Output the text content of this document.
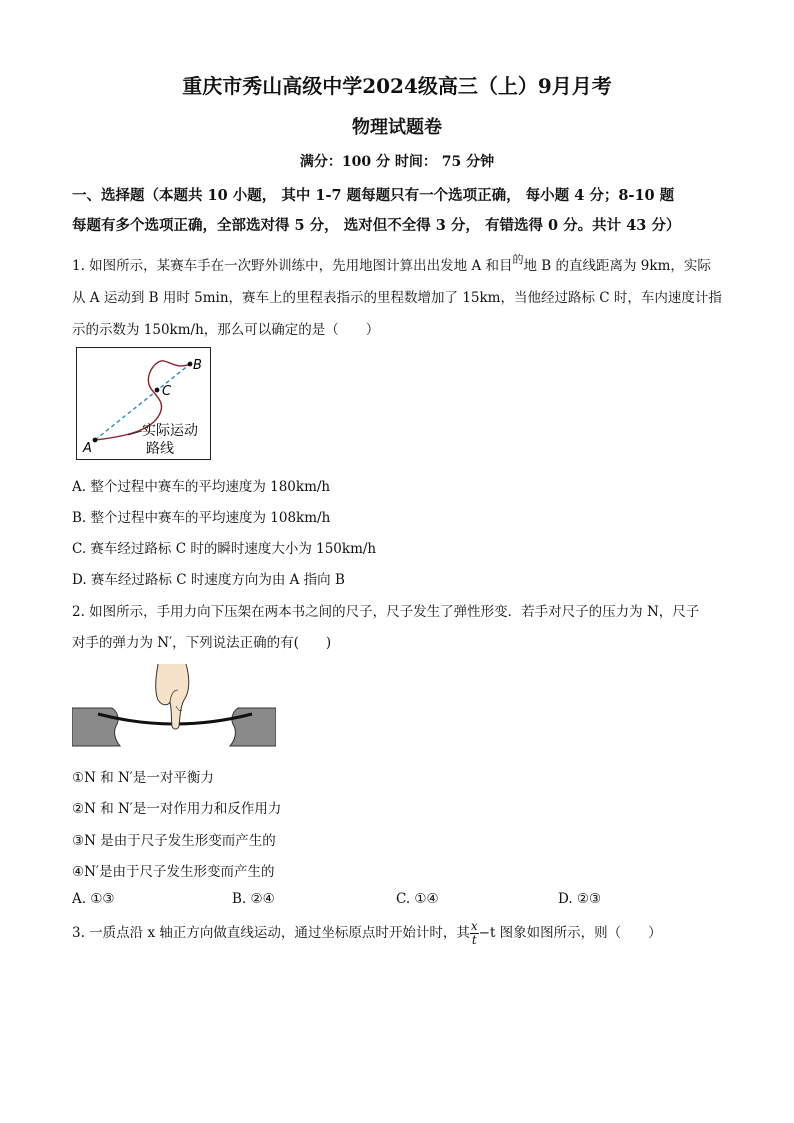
重庆市秀山高级中学2024级高三（上）9月月考
物理试题卷
满分：100 分 时间： 75 分钟
一、选择题（本题共 10 小题， 其中 1-7 题每题只有一个选项正确， 每小题 4 分；8-10 题
每题有多个选项正确，全部选对得 5 分， 选对但不全得 3 分， 有错选得 0 分。共计 43 分）
1. 如图所示，某赛车手在一次野外训练中，先用地图计算出出发地 A 和目$^的$地 B 的直线距离为 9km，实际
从 A 运动到 B 用时 5min，赛车上的里程表指示的里程数增加了 15km，当他经过路标 C 时，车内速度计指
示的示数为 150km/h，那么可以确定的是（　　）
A
B
C
实际运动
路线
A. 整个过程中赛车的平均速度为 180km/h
B. 整个过程中赛车的平均速度为 108km/h
C. 赛车经过路标 C 时的瞬时速度大小为 150km/h
D. 赛车经过路标 C 时速度方向为由 A 指向 B
2. 如图所示，手用力向下压架在两本书之间的尺子，尺子发生了弹性形变．若手对尺子的压力为 N，尺子
对手的弹力为 N′，下列说法正确的有(　　)
①N 和 N′是一对平衡力
②N 和 N′是一对作用力和反作用力
③N 是由于尺子发生形变而产生的
④N′是由于尺子发生形变而产生的
A. ①③	B. ②④	C. ①④	D. ②③
3. 一质点沿 x 轴正方向做直线运动，通过坐标原点时开始计时，其 $\frac{x}{t} -t$ 图象如图所示，则（　　）
